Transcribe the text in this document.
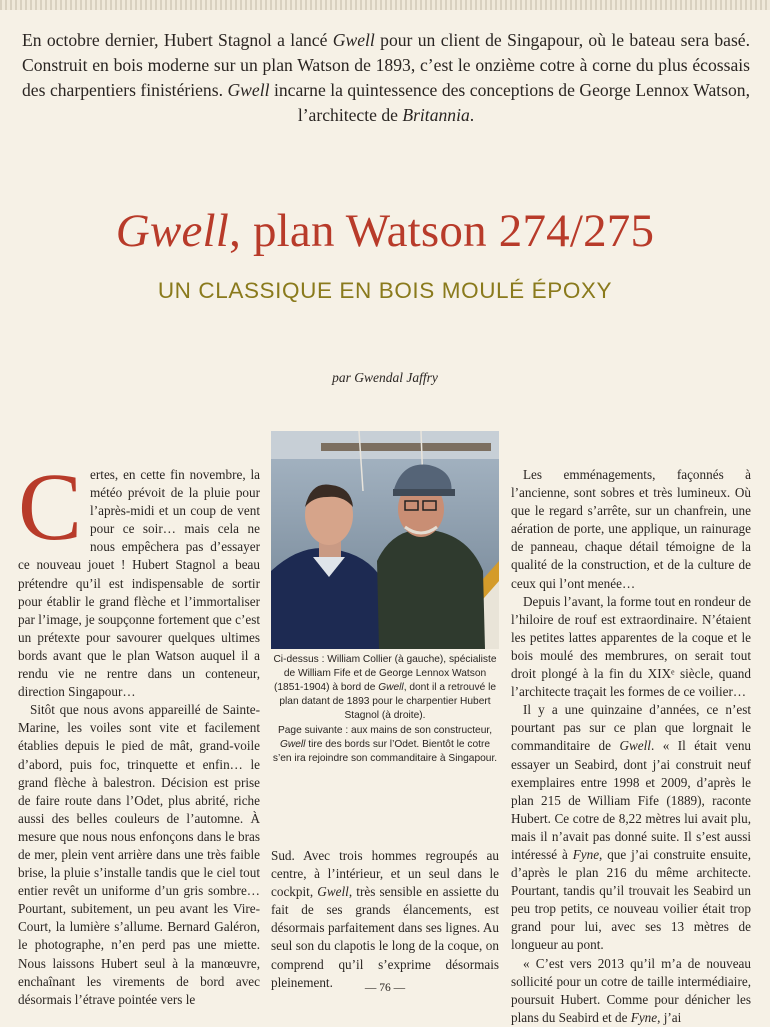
En octobre dernier, Hubert Stagnol a lancé Gwell pour un client de Singapour, où le bateau sera basé. Construit en bois moderne sur un plan Watson de 1893, c’est le onzième cotre à corne du plus écossais des charpentiers finistériens. Gwell incarne la quintessence des conceptions de George Lennox Watson, l’architecte de Britannia.
Gwell, plan Watson 274/275
UN CLASSIQUE EN BOIS MOULÉ ÉPOXY
par Gwendal Jaffry

Certes, en cette fin novembre, la météo prévoit de la pluie pour l’après-midi et un coup de vent pour ce soir… mais cela ne nous empêchera pas d’essayer ce nouveau jouet ! Hubert Stagnol a beau prétendre qu’il est indispensable de sortir pour établir le grand flèche et l’immortaliser par l’image, je soupçonne fortement que c’est un prétexte pour savourer quelques ultimes bords avant que le plan Watson auquel il a rendu vie ne rentre dans un conteneur, direction Singapour…

Sitôt que nous avons appareillé de Sainte-Marine, les voiles sont vite et facilement établies depuis le pied de mât, grand-voile d’abord, puis foc, trinquette et enfin… le grand flèche à balestron. Décision est prise de faire route dans l’Odet, plus abrité, riche aussi des belles couleurs de l’automne. À mesure que nous nous enfonçons dans le bras de mer, plein vent arrière dans une très faible brise, la pluie s’installe tandis que le ciel tout entier revêt un uniforme d’un gris sombre… Pourtant, subitement, un peu avant les Vire-Court, la lumière s’allume. Bernard Galéron, le photographe, n’en perd pas une miette. Nous laissons Hubert seul à la manœuvre, enchaînant les virements de bord avec désormais l’étrave pointée vers le

Ci-dessus : William Collier (à gauche), spécialiste de William Fife et de George Lennox Watson (1851-1904) à bord de Gwell, dont il a retrouvé le plan datant de 1893 pour le charpentier Hubert Stagnol (à droite).

Page suivante : aux mains de son constructeur, Gwell tire des bords sur l’Odet. Bientôt le cotre s’en ira rejoindre son commanditaire à Singapour.

Sud. Avec trois hommes regroupés au centre, à l’intérieur, et un seul dans le cockpit, Gwell, très sensible en assiette du fait de ses grands élancements, est désormais parfaitement dans ses lignes. Au seul son du clapotis le long de la coque, on comprend qu’il s’exprime désormais pleinement.

Les emménagements, façonnés à l’ancienne, sont sobres et très lumineux. Où que le regard s’arrête, sur un chanfrein, une aération de porte, une applique, un rainurage de panneau, chaque détail témoigne de la qualité de la construction, et de la culture de ceux qui l’ont menée…

Depuis l’avant, la forme tout en rondeur de l’hiloire de rouf est extraordinaire. N’étaient les petites lattes apparentes de la coque et le bois moulé des membrures, on serait tout droit plongé à la fin du XIXᵉ siècle, quand l’architecte traçait les formes de ce voilier…

Il y a une quinzaine d’années, ce n’est pourtant pas sur ce plan que lorgnait le commanditaire de Gwell. « Il était venu essayer un Seabird, dont j’ai construit neuf exemplaires entre 1998 et 2009, d’après le plan 215 de William Fife (1889), raconte Hubert. Ce cotre de 8,22 mètres lui avait plu, mais il n’avait pas donné suite. Il s’est aussi intéressé à Fyne, que j’ai construite ensuite, d’après le plan 216 du même architecte. Pourtant, tandis qu’il trouvait les Seabird un peu trop petits, ce nouveau voilier était trop grand pour lui, avec ses 13 mètres de longueur au pont.

« C’est vers 2013 qu’il m’a de nouveau sollicité pour un cotre de taille intermédiaire, poursuit Hubert. Comme pour dénicher les plans du Seabird et de Fyne, j’ai

— 76 —
